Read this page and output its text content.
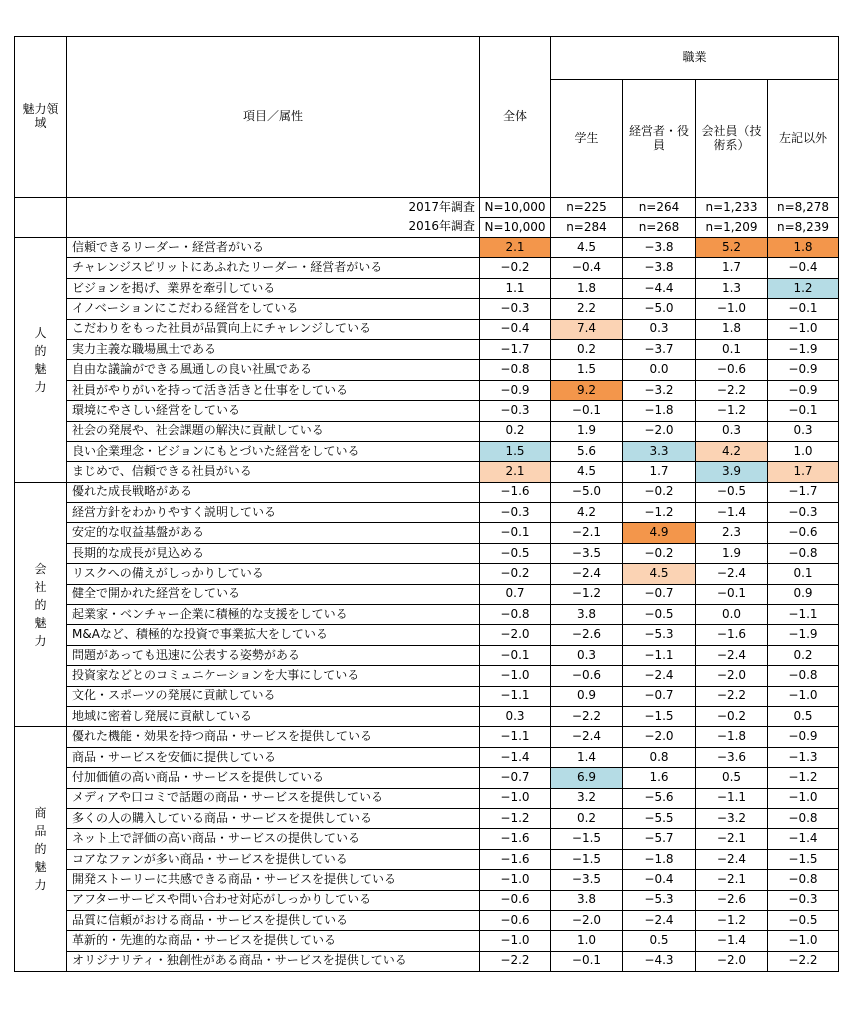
魅力領域	項目／属性	全体	職業			
			学生	経営者・役員	会社員（技術系）	左記以外
	2017年調査	N=10,000	n=225	n=264	n=1,233	n=8,278
	2016年調査	N=10,000	n=284	n=268	n=1,209	n=8,239

人
的
魅
力	信頼できるリーダー・経営者がいる	2.1	4.5	−3.8	5.2	1.8
	チャレンジスピリットにあふれたリーダー・経営者がいる	−0.2	−0.4	−3.8	1.7	−0.4
	ビジョンを掲げ、業界を牽引している	1.1	1.8	−4.4	1.3	1.2
	イノベーションにこだわる経営をしている	−0.3	2.2	−5.0	−1.0	−0.1
	こだわりをもった社員が品質向上にチャレンジしている	−0.4	7.4	0.3	1.8	−1.0
	実力主義な職場風土である	−1.7	0.2	−3.7	0.1	−1.9
	自由な議論ができる風通しの良い社風である	−0.8	1.5	0.0	−0.6	−0.9
	社員がやりがいを持って活き活きと仕事をしている	−0.9	9.2	−3.2	−2.2	−0.9
	環境にやさしい経営をしている	−0.3	−0.1	−1.8	−1.2	−0.1
	社会の発展や、社会課題の解決に貢献している	0.2	1.9	−2.0	0.3	0.3
	良い企業理念・ビジョンにもとづいた経営をしている	1.5	5.6	3.3	4.2	1.0
	まじめで、信頼できる社員がいる	2.1	4.5	1.7	3.9	1.7

会
社
的
魅
力	優れた成長戦略がある	−1.6	−5.0	−0.2	−0.5	−1.7
	経営方針をわかりやすく説明している	−0.3	4.2	−1.2	−1.4	−0.3
	安定的な収益基盤がある	−0.1	−2.1	4.9	2.3	−0.6
	長期的な成長が見込める	−0.5	−3.5	−0.2	1.9	−0.8
	リスクへの備えがしっかりしている	−0.2	−2.4	4.5	−2.4	0.1
	健全で開かれた経営をしている	0.7	−1.2	−0.7	−0.1	0.9
	起業家・ベンチャー企業に積極的な支援をしている	−0.8	3.8	−0.5	0.0	−1.1
	M&Aなど、積極的な投資で事業拡大をしている	−2.0	−2.6	−5.3	−1.6	−1.9
	問題があっても迅速に公表する姿勢がある	−0.1	0.3	−1.1	−2.4	0.2
	投資家などとのコミュニケーションを大事にしている	−1.0	−0.6	−2.4	−2.0	−0.8
	文化・スポーツの発展に貢献している	−1.1	0.9	−0.7	−2.2	−1.0
	地域に密着し発展に貢献している	0.3	−2.2	−1.5	−0.2	0.5

商
品
的
魅
力	優れた機能・効果を持つ商品・サービスを提供している	−1.1	−2.4	−2.0	−1.8	−0.9
	商品・サービスを安価に提供している	−1.4	1.4	0.8	−3.6	−1.3
	付加価値の高い商品・サービスを提供している	−0.7	6.9	1.6	0.5	−1.2
	メディアや口コミで話題の商品・サービスを提供している	−1.0	3.2	−5.6	−1.1	−1.0
	多くの人の購入している商品・サービスを提供している	−1.2	0.2	−5.5	−3.2	−0.8
	ネット上で評価の高い商品・サービスの提供している	−1.6	−1.5	−5.7	−2.1	−1.4
	コアなファンが多い商品・サービスを提供している	−1.6	−1.5	−1.8	−2.4	−1.5
	開発ストーリーに共感できる商品・サービスを提供している	−1.0	−3.5	−0.4	−2.1	−0.8
	アフターサービスや問い合わせ対応がしっかりしている	−0.6	3.8	−5.3	−2.6	−0.3
	品質に信頼がおける商品・サービスを提供している	−0.6	−2.0	−2.4	−1.2	−0.5
	革新的・先進的な商品・サービスを提供している	−1.0	1.0	0.5	−1.4	−1.0
	オリジナリティ・独創性がある商品・サービスを提供している	−2.2	−0.1	−4.3	−2.0	−2.2
